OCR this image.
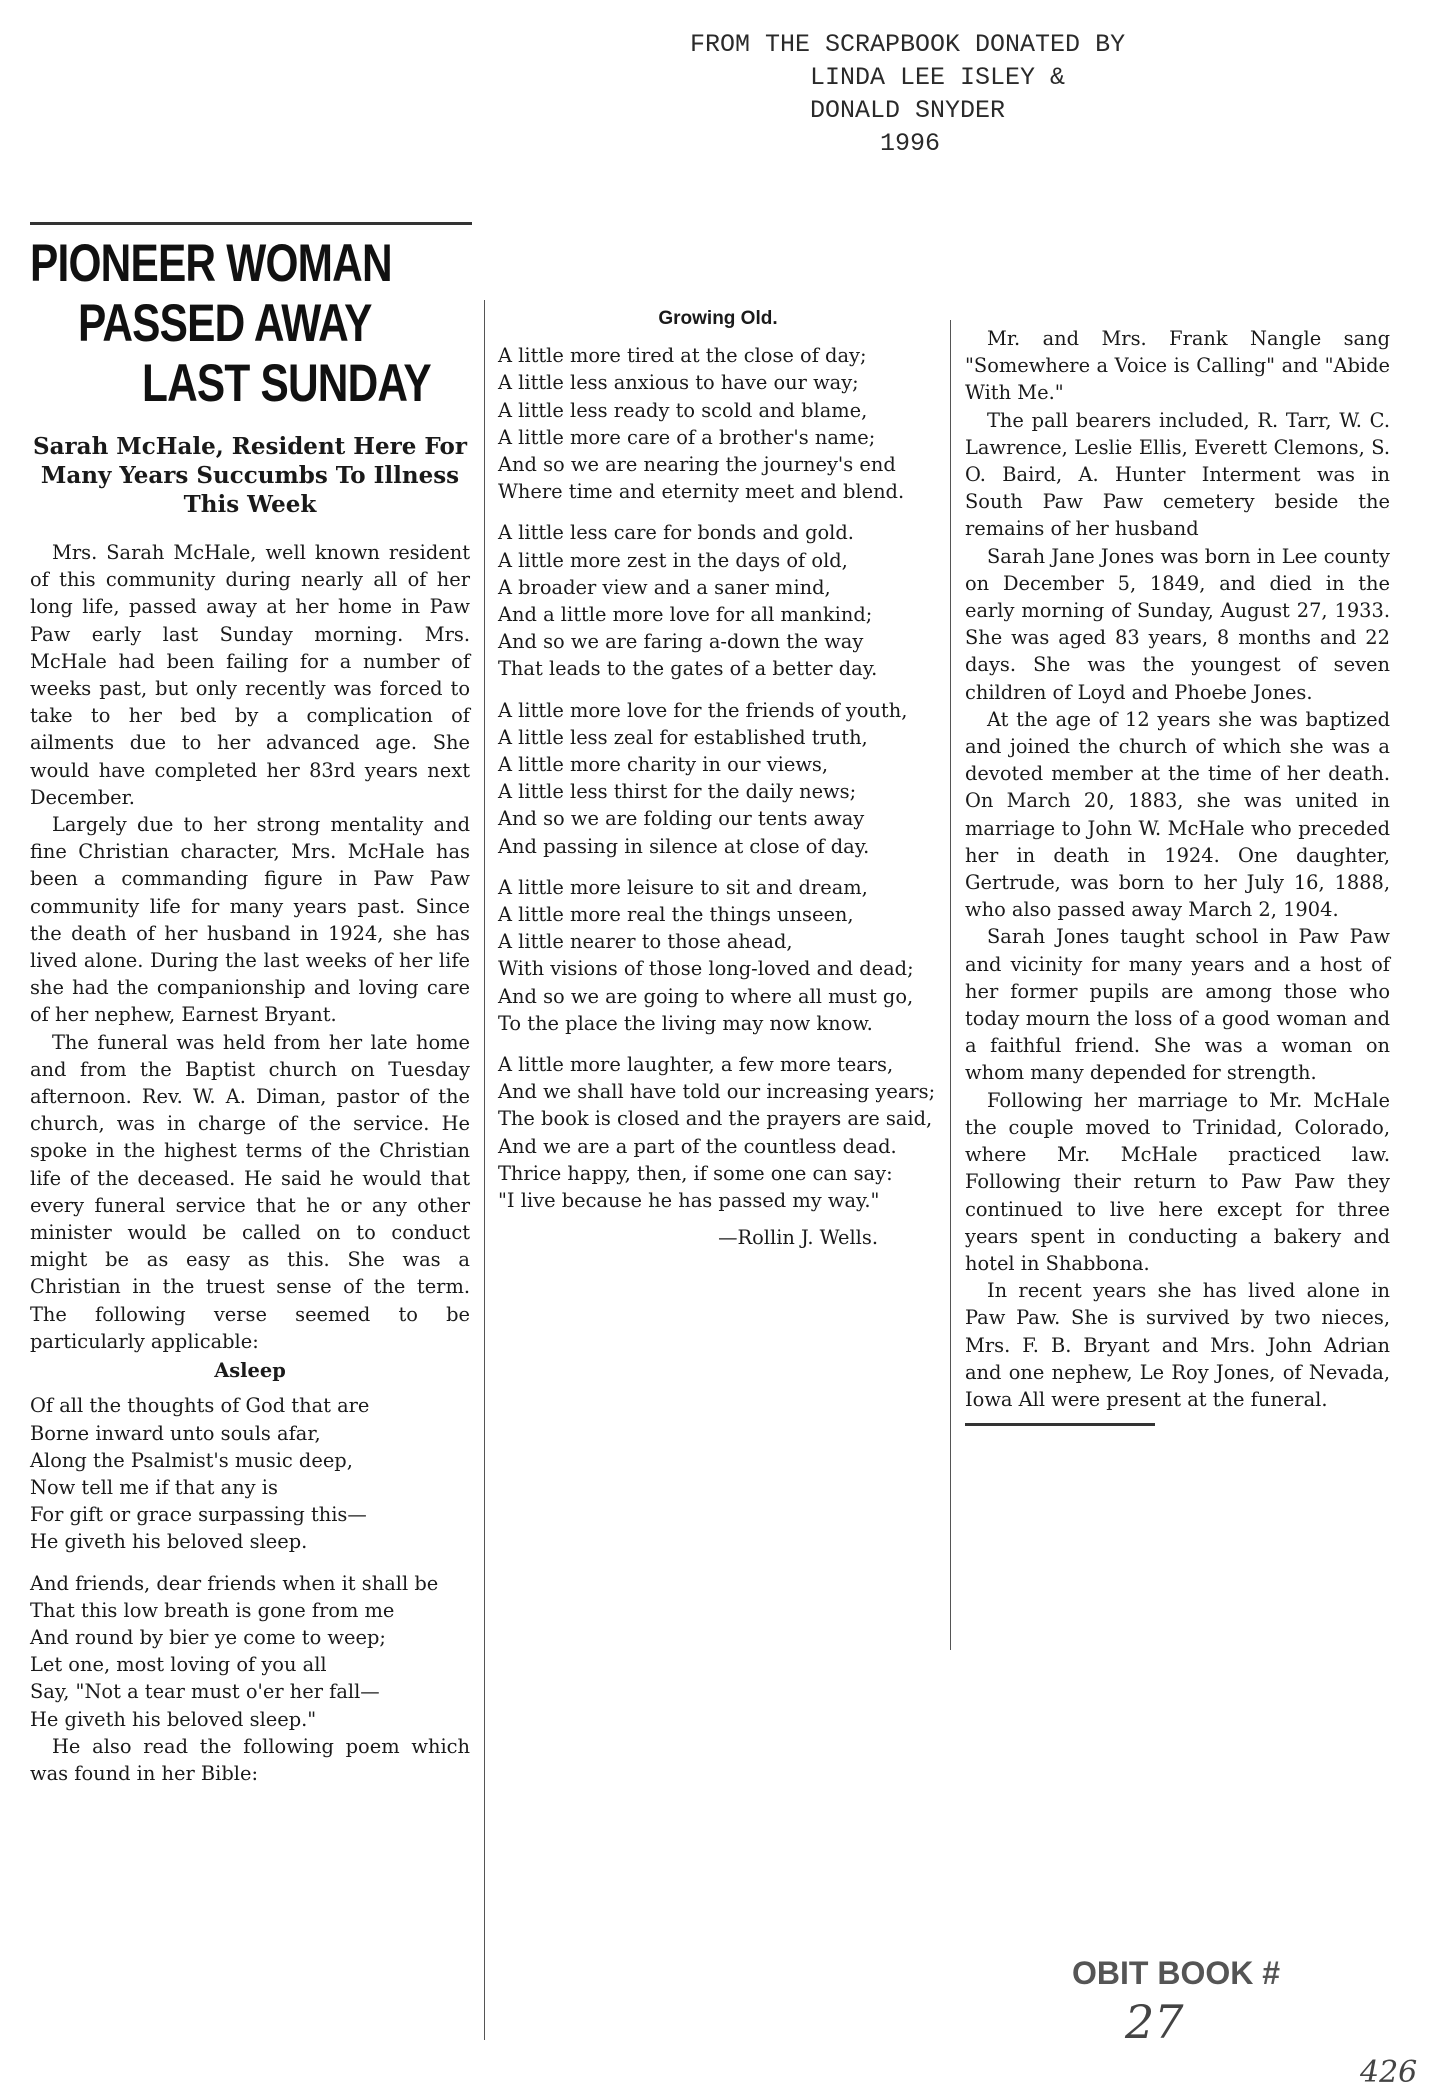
FROM THE SCRAPBOOK DONATED BY
LINDA LEE ISLEY &
DONALD SNYDER
1996
PIONEER WOMAN
PASSED AWAY
LAST SUNDAY
Sarah McHale, Resident Here For Many Years Succumbs To Illness This Week

Mrs. Sarah McHale, well known resident of this community during nearly all of her long life, passed away at her home in Paw Paw early last Sunday morning. Mrs. McHale had been failing for a number of weeks past, but only recently was forced to take to her bed by a complication of ailments due to her advanced age. She would have completed her 83rd years next December.

Largely due to her strong mentality and fine Christian character, Mrs. McHale has been a commanding figure in Paw Paw community life for many years past. Since the death of her husband in 1924, she has lived alone. During the last weeks of her life she had the companionship and loving care of her nephew, Earnest Bryant.

The funeral was held from her late home and from the Baptist church on Tuesday afternoon. Rev. W. A. Diman, pastor of the church, was in charge of the service. He spoke in the highest terms of the Christian life of the deceased. He said he would that every funeral service that he or any other minister would be called on to conduct might be as easy as this. She was a Christian in the truest sense of the term. The following verse seemed to be particularly applicable:

Asleep

Of all the thoughts of God that are

Borne inward unto souls afar,

Along the Psalmist's music deep,

Now tell me if that any is

For gift or grace surpassing this—

He giveth his beloved sleep.

And friends, dear friends when it shall be

That this low breath is gone from me

And round by bier ye come to weep;

Let one, most loving of you all

Say, "Not a tear must o'er her fall—

He giveth his beloved sleep."

He also read the following poem which was found in her Bible:

Growing Old.

A little more tired at the close of day;

A little less anxious to have our way;

A little less ready to scold and blame,

A little more care of a brother's name;

And so we are nearing the journey's end

Where time and eternity meet and blend.

A little less care for bonds and gold.

A little more zest in the days of old,

A broader view and a saner mind,

And a little more love for all mankind;

And so we are faring a-down the way

That leads to the gates of a better day.

A little more love for the friends of youth,

A little less zeal for established truth,

A little more charity in our views,

A little less thirst for the daily news;

And so we are folding our tents away

And passing in silence at close of day.

A little more leisure to sit and dream,

A little more real the things unseen,

A little nearer to those ahead,

With visions of those long-loved and dead;

And so we are going to where all must go,

To the place the living may now know.

A little more laughter, a few more tears,

And we shall have told our increasing years;

The book is closed and the prayers are said,

And we are a part of the countless dead.

Thrice happy, then, if some one can say:

"I live because he has passed my way."

—Rollin J. Wells.

Mr. and Mrs. Frank Nangle sang "Somewhere a Voice is Calling" and "Abide With Me."

The pall bearers included, R. Tarr, W. C. Lawrence, Leslie Ellis, Everett Clemons, S. O. Baird, A. Hunter Interment was in South Paw Paw cemetery beside the remains of her husband

Sarah Jane Jones was born in Lee county on December 5, 1849, and died in the early morning of Sunday, August 27, 1933. She was aged 83 years, 8 months and 22 days. She was the youngest of seven children of Loyd and Phoebe Jones.

At the age of 12 years she was baptized and joined the church of which she was a devoted member at the time of her death. On March 20, 1883, she was united in marriage to John W. McHale who preceded her in death in 1924. One daughter, Gertrude, was born to her July 16, 1888, who also passed away March 2, 1904.

Sarah Jones taught school in Paw Paw and vicinity for many years and a host of her former pupils are among those who today mourn the loss of a good woman and a faithful friend. She was a woman on whom many depended for strength.

Following her marriage to Mr. McHale the couple moved to Trinidad, Colorado, where Mr. McHale practiced law. Following their return to Paw Paw they continued to live here except for three years spent in conducting a bakery and hotel in Shabbona.

In recent years she has lived alone in Paw Paw. She is survived by two nieces, Mrs. F. B. Bryant and Mrs. John Adrian and one nephew, Le Roy Jones, of Nevada, Iowa All were present at the funeral.

OBIT BOOK #
27
426
